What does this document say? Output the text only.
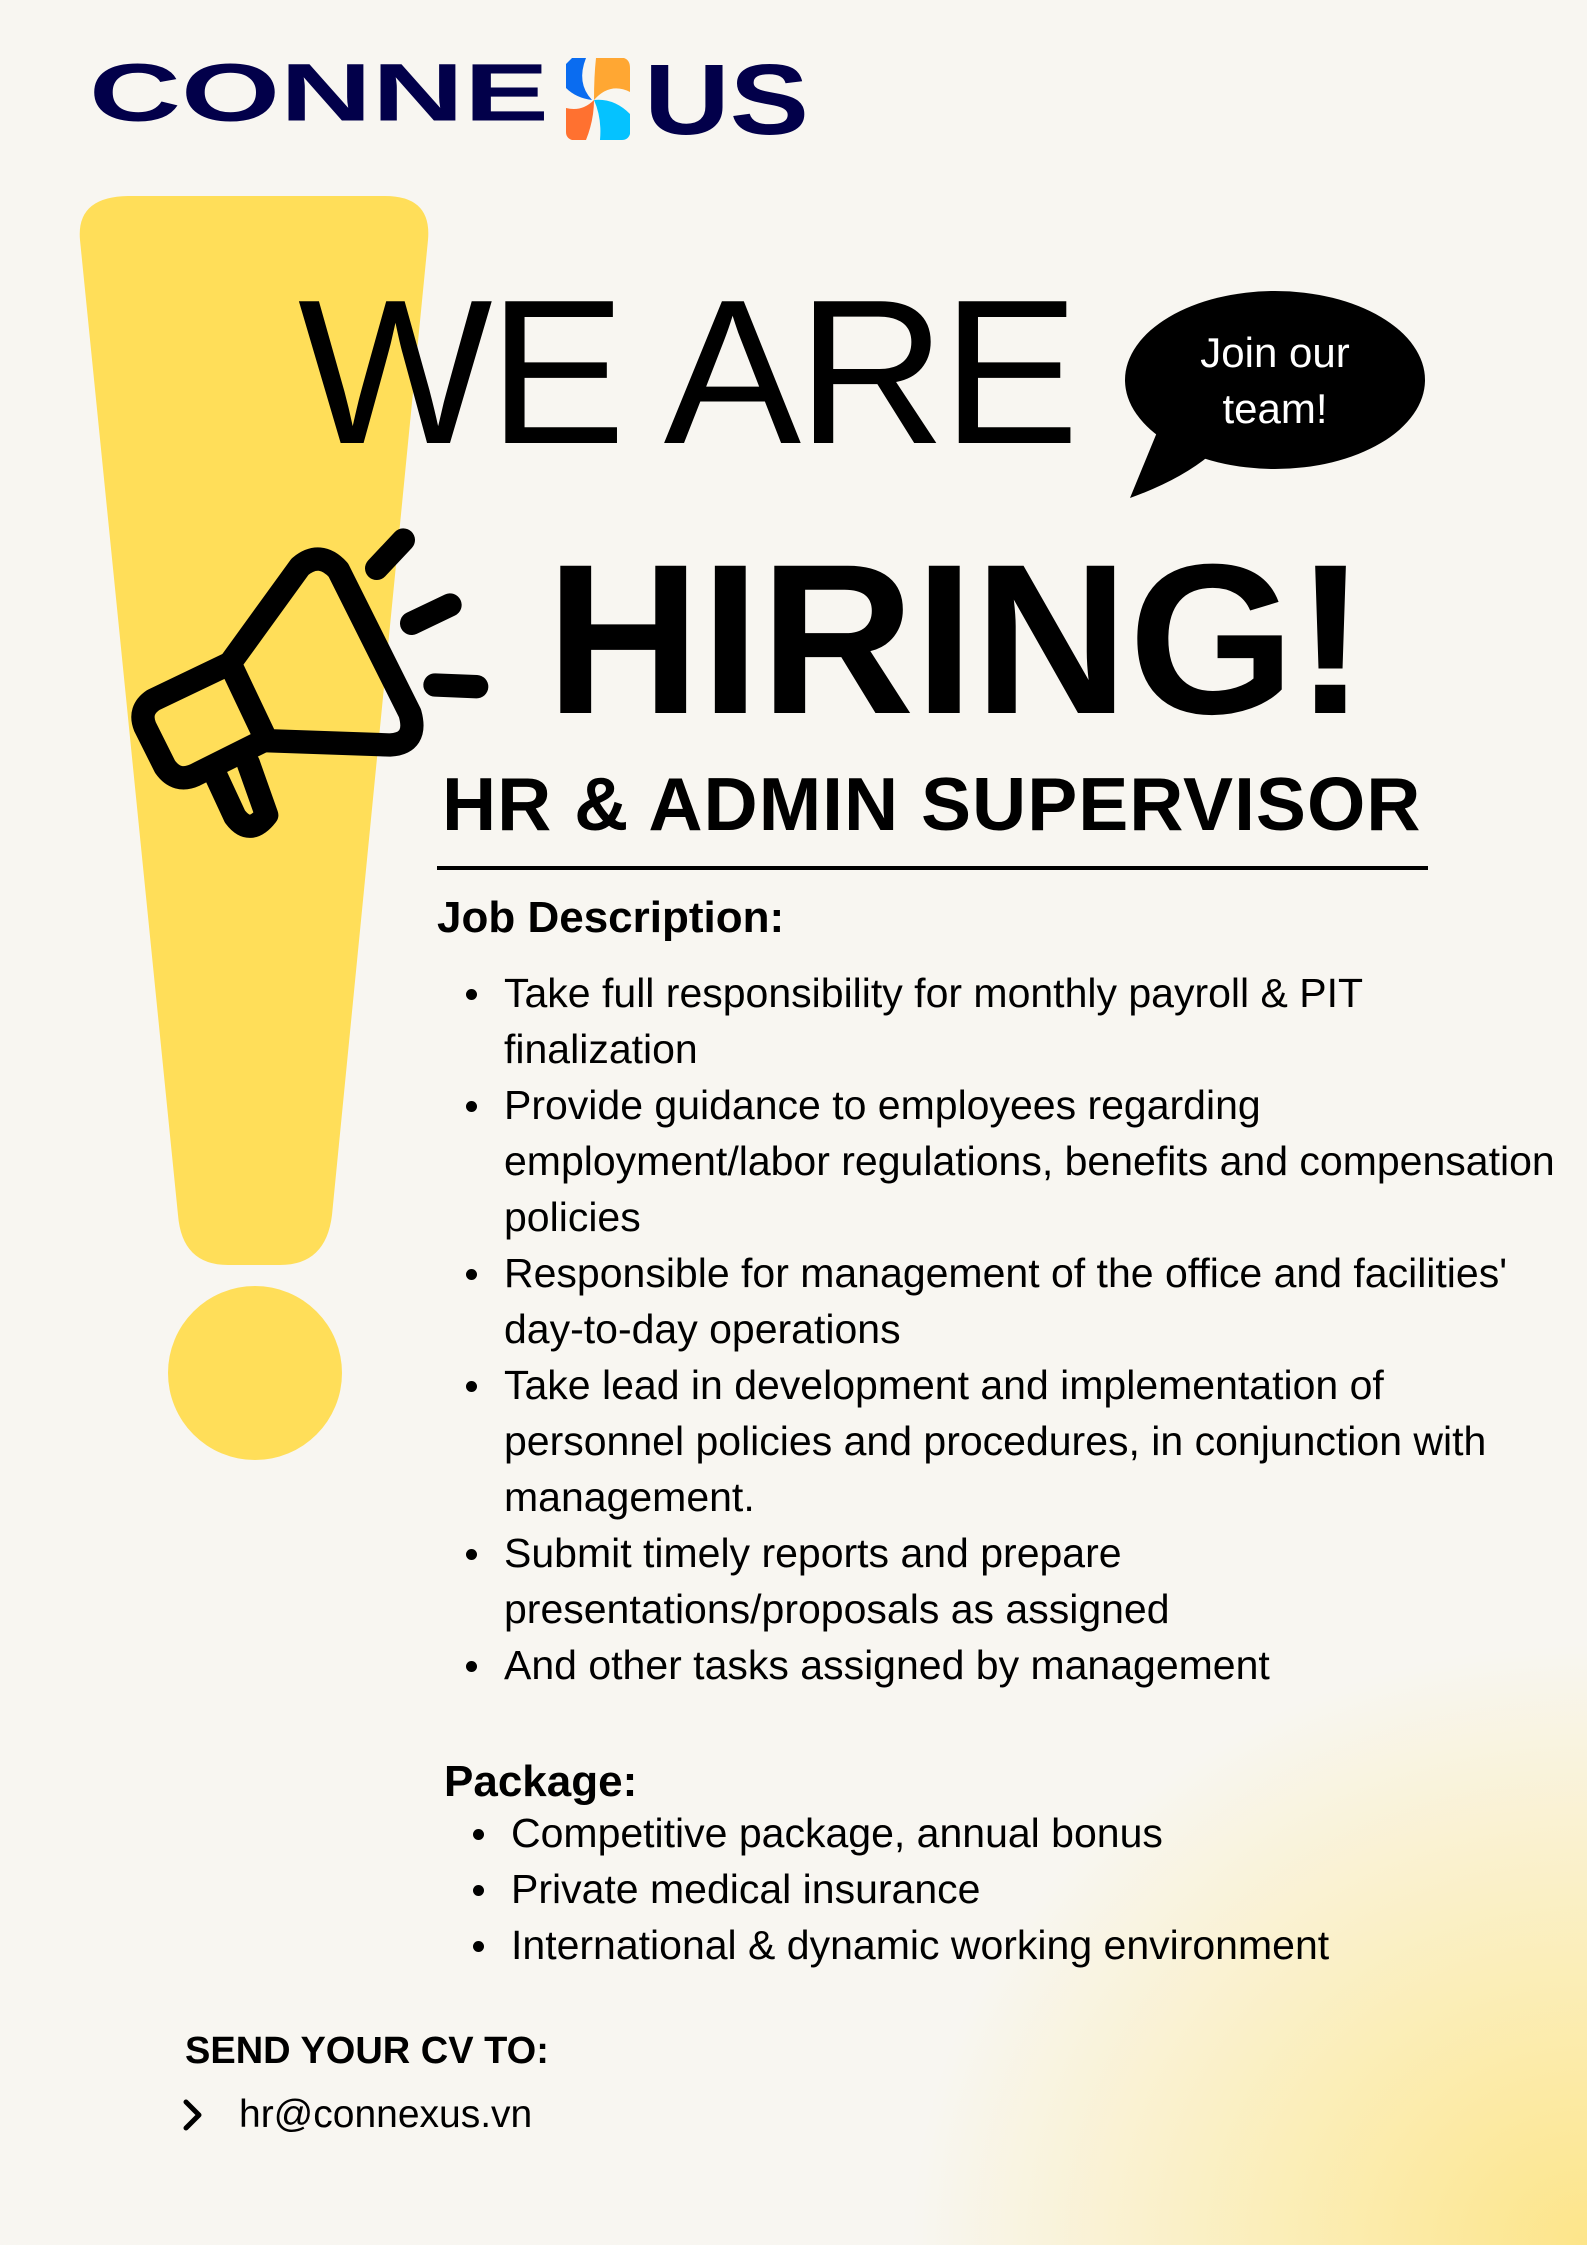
CONNE US
WE ARE	Join our
team!
HIRING!
HR & ADMIN SUPERVISOR
Job Description:
Take full responsibility for monthly payroll & PIT finalization
Provide guidance to employees regarding employment/labor regulations, benefits and compensation policies
Responsible for management of the office and facilities' day-to-day operations
Take lead in development and implementation of personnel policies and procedures, in conjunction with management.
Submit timely reports and prepare presentations/proposals as assigned
And other tasks assigned by management
Package:
Competitive package, annual bonus
Private medical insurance
International & dynamic working environment
SEND YOUR CV TO:
hr@connexus.vn
